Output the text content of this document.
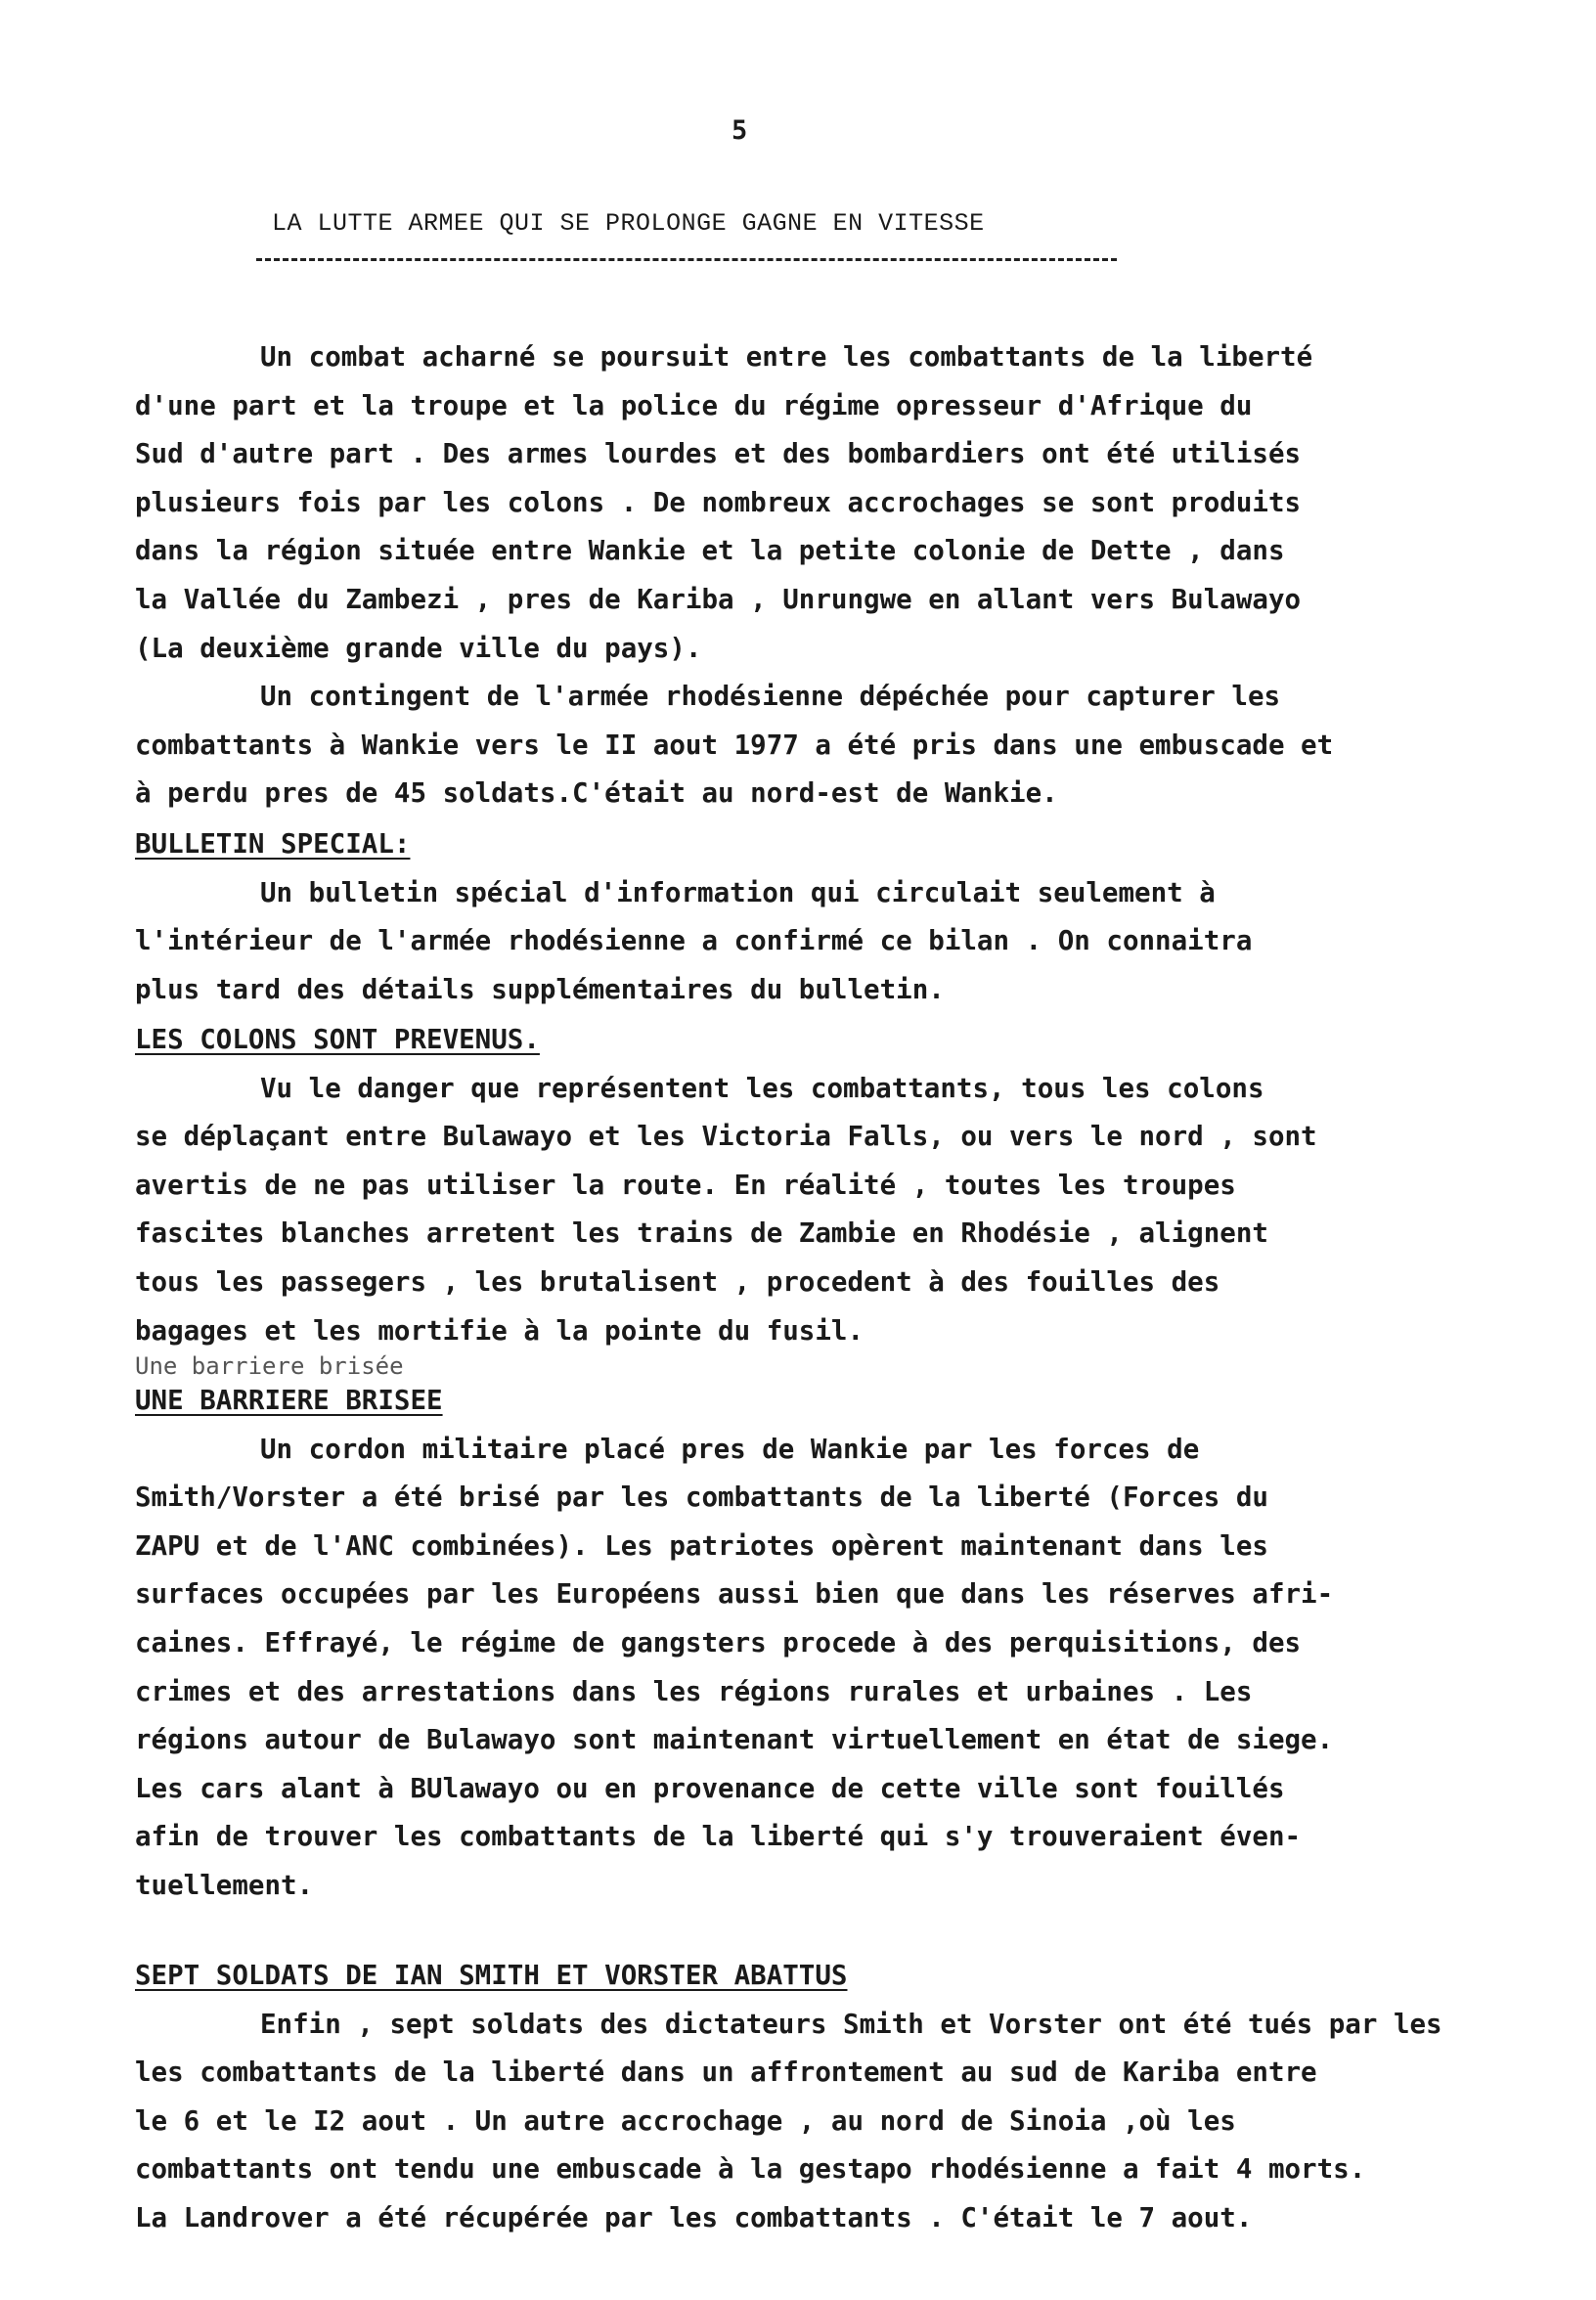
5
LA LUTTE ARMEE QUI SE PROLONGE GAGNE EN VITESSE
Un combat acharné se poursuit entre les combattants de la liberté
d'une part et la troupe et la police du régime opresseur d'Afrique du
Sud d'autre part . Des armes lourdes et des bombardiers ont été utilisés
plusieurs fois par les colons . De nombreux accrochages se sont produits
dans la région située entre Wankie et la petite colonie de Dette , dans
la Vallée du Zambezi , pres de Kariba , Unrungwe en allant vers Bulawayo
(La deuxième grande ville du pays).
Un contingent de l'armée rhodésienne dépéchée pour capturer les
combattants à Wankie vers le II aout 1977 a été pris dans une embuscade et
à perdu pres de 45 soldats.C'était au nord-est de Wankie.
BULLETIN SPECIAL:
Un bulletin spécial d'information qui circulait seulement à
l'intérieur de l'armée rhodésienne a confirmé ce bilan . On connaitra
plus tard des détails supplémentaires du bulletin.
LES COLONS SONT PREVENUS.
Vu le danger que représentent les combattants, tous les colons
se déplaçant entre Bulawayo et les Victoria Falls, ou vers le nord , sont
avertis de ne pas utiliser la route. En réalité , toutes les troupes
fascites blanches arretent les trains de Zambie en Rhodésie , alignent
tous les passegers , les brutalisent , procedent à des fouilles des
bagages et les mortifie à la pointe du fusil.
Une barriere brisée
UNE BARRIERE BRISEE
Un cordon militaire placé pres de Wankie par les forces de
Smith/Vorster a été brisé par les combattants de la liberté (Forces du
ZAPU et de l'ANC combinées). Les patriotes opèrent maintenant dans les
surfaces occupées par les Européens aussi bien que dans les réserves afri-
caines. Effrayé, le régime de gangsters procede à des perquisitions, des
crimes et des arrestations dans les régions rurales et urbaines . Les
régions autour de Bulawayo sont maintenant virtuellement en état de siege.
Les cars alant à BUlawayo ou en provenance de cette ville sont fouillés
afin de trouver les combattants de la liberté qui s'y trouveraient éven-
tuellement.
SEPT SOLDATS DE IAN SMITH ET VORSTER ABATTUS
Enfin , sept soldats des dictateurs Smith et Vorster ont été tués par les
les combattants de la liberté dans un affrontement au sud de Kariba entre
le 6 et le I2 aout . Un autre accrochage , au nord de Sinoia ,où les
combattants ont tendu une embuscade à la gestapo rhodésienne a fait 4 morts.
La Landrover a été récupérée par les combattants . C'était le 7 aout.
